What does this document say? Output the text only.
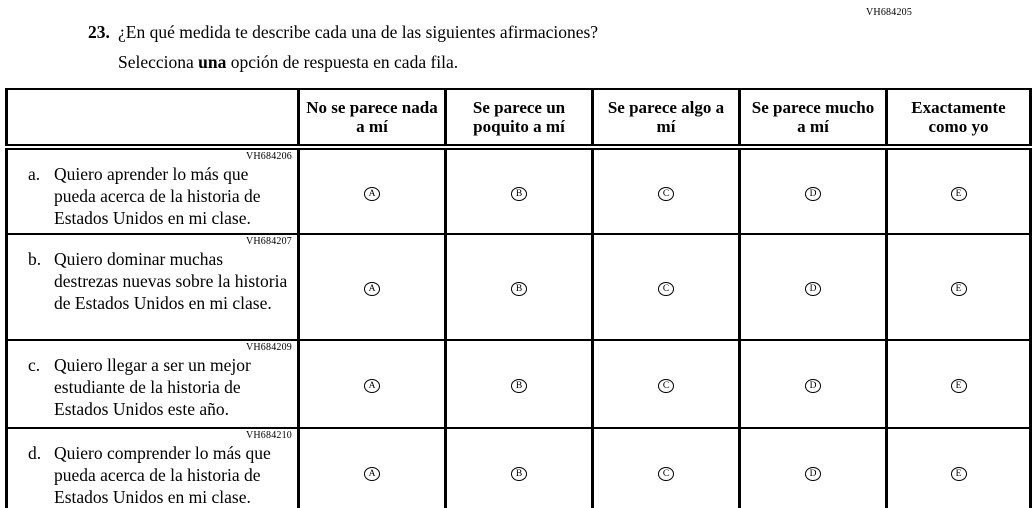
VH684205
23. ¿En qué medida te describe cada una de las siguientes afirmaciones?
Selecciona una opción de respuesta en cada fila.
	No se parece nada a mí	Se parece un poquito a mí	Se parece algo a mí	Se parece mucho a mí	Exactamente como yo

VH684206
a. Quiero aprender lo más que pueda acerca de la historia de Estados Unidos en mi clase.	A	B	C	D	E

VH684207
b. Quiero dominar muchas destrezas nuevas sobre la historia de Estados Unidos en mi clase.	A	B	C	D	E

VH684209
c. Quiero llegar a ser un mejor estudiante de la historia de Estados Unidos este año.	A	B	C	D	E

VH684210
d. Quiero comprender lo más que pueda acerca de la historia de Estados Unidos en mi clase.	A	B	C	D	E
